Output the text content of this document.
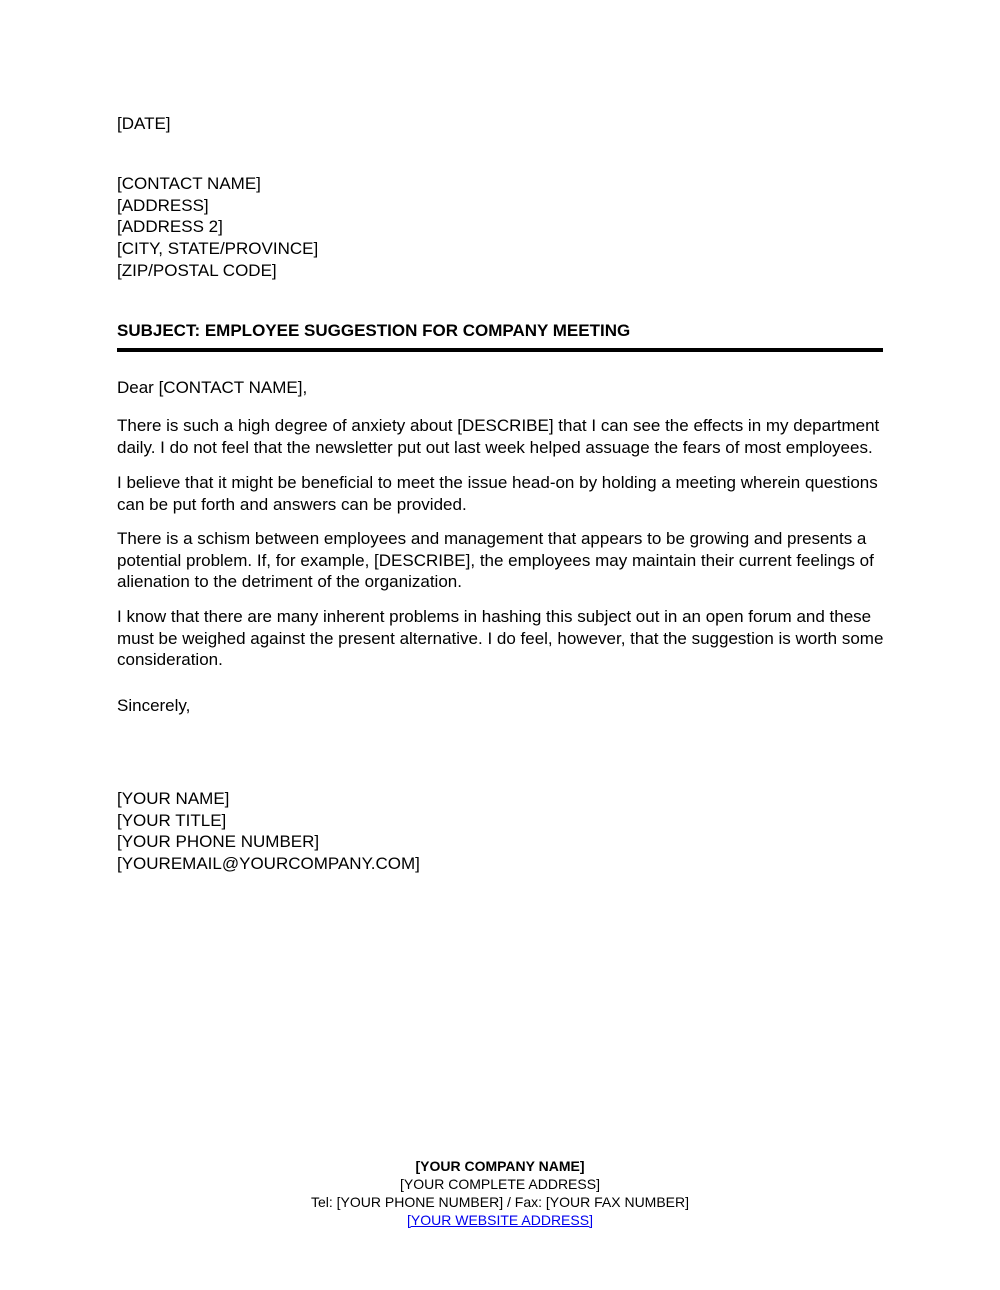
[DATE]
[CONTACT NAME]
[ADDRESS]
[ADDRESS 2]
[CITY, STATE/PROVINCE]
[ZIP/POSTAL CODE]
SUBJECT: EMPLOYEE SUGGESTION FOR COMPANY MEETING
Dear [CONTACT NAME],
There is such a high degree of anxiety about [DESCRIBE] that I can see the effects in my department daily. I do not feel that the newsletter put out last week helped assuage the fears of most employees.
I believe that it might be beneficial to meet the issue head-on by holding a meeting wherein questions can be put forth and answers can be provided.
There is a schism between employees and management that appears to be growing and presents a potential problem. If, for example, [DESCRIBE], the employees may maintain their current feelings of alienation to the detriment of the organization.
I know that there are many inherent problems in hashing this subject out in an open forum and these must be weighed against the present alternative. I do feel, however, that the suggestion is worth some consideration.
Sincerely,
[YOUR NAME]
[YOUR TITLE]
[YOUR PHONE NUMBER]
[YOUREMAIL@YOURCOMPANY.COM]
[YOUR COMPANY NAME]
[YOUR COMPLETE ADDRESS]
Tel: [YOUR PHONE NUMBER] / Fax: [YOUR FAX NUMBER]
[YOUR WEBSITE ADDRESS]
